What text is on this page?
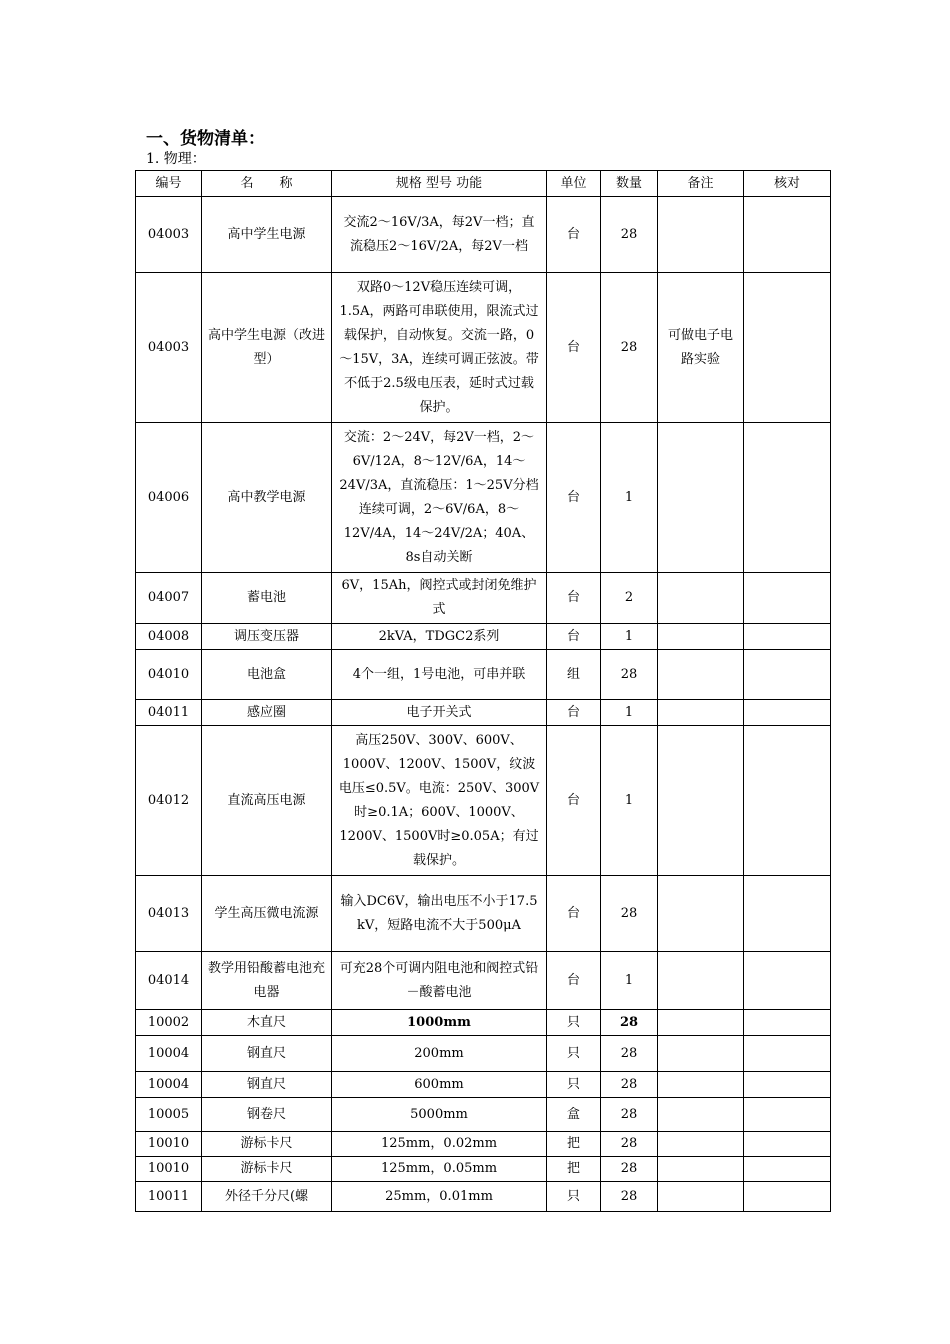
一、货物清单：
1. 物理：
编号	名　　称	规格 型号 功能	单位	数量	备注	核对
04003	高中学生电源	交流2～16V/3A，每2V一档；直流稳压2～16V/2A，每2V一档	台	28		
04003	高中学生电源（改进型）	双路0～12V稳压连续可调，1.5A，两路可串联使用，限流式过载保护，自动恢复。交流一路，0～15V，3A，连续可调正弦波。带不低于2.5级电压表，延时式过载保护。	台	28	可做电子电路实验	
04006	高中教学电源	交流：2～24V，每2V一档，2～6V/12A，8～12V/6A，14～24V/3A，直流稳压：1～25V分档连续可调，2～6V/6A，8～12V/4A，14～24V/2A；40A、8s自动关断	台	1		
04007	蓄电池	6V，15Ah，阀控式或封闭免维护式	台	2		
04008	调压变压器	2kVA，TDGC2系列	台	1		
04010	电池盒	4个一组，1号电池，可串并联	组	28		
04011	感应圈	电子开关式	台	1		
04012	直流高压电源	高压250V、300V、600V、1000V、1200V、1500V，纹波电压≤0.5V。电流：250V、300V时≥0.1A；600V、1000V、1200V、1500V时≥0.05A；有过载保护。	台	1		
04013	学生高压微电流源	输入DC6V，输出电压不小于17.5 kV，短路电流不大于500μA	台	28		
04014	教学用铅酸蓄电池充电器	可充28个可调内阻电池和阀控式铅－酸蓄电池	台	1		
10002	木直尺	1000mm	只	28		
10004	钢直尺	200mm	只	28		
10004	钢直尺	600mm	只	28		
10005	钢卷尺	5000mm	盒	28		
10010	游标卡尺	125mm，0.02mm	把	28		
10010	游标卡尺	125mm，0.05mm	把	28		
10011	外径千分尺(螺	25mm，0.01mm	只	28		
